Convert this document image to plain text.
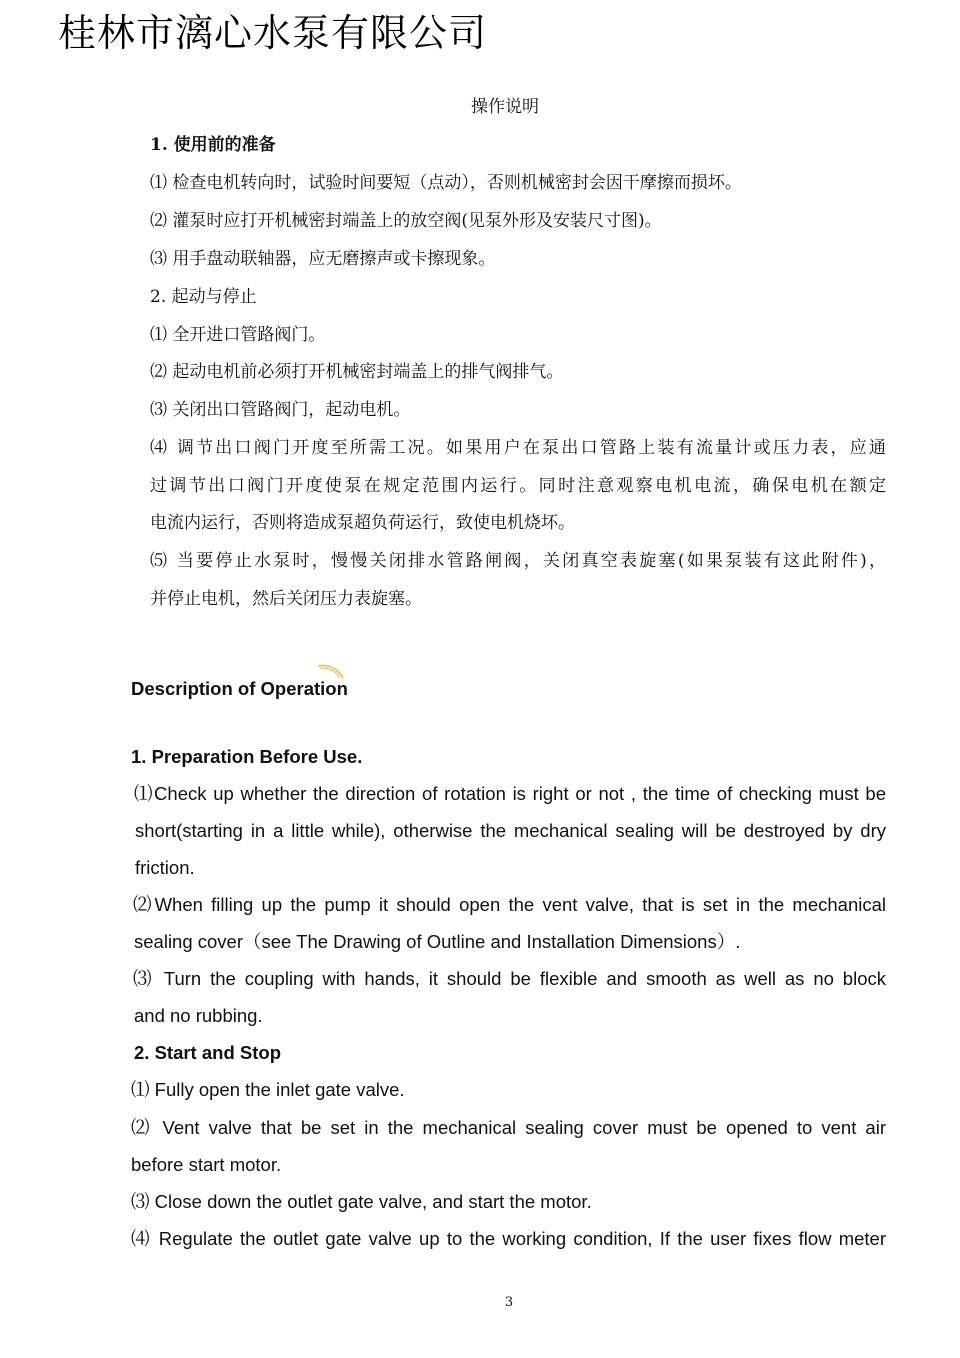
桂林市漓心水泵有限公司
操作说明
1. 使用前的准备
⑴ 检查电机转向时，试验时间要短（点动），否则机械密封会因干摩擦而损坏。
⑵ 灌泵时应打开机械密封端盖上的放空阀(见泵外形及安装尺寸图)。
⑶ 用手盘动联轴器，应无磨擦声或卡擦现象。
2. 起动与停止
⑴ 全开进口管路阀门。
⑵ 起动电机前必须打开机械密封端盖上的排气阀排气。
⑶ 关闭出口管路阀门，起动电机。
⑷ 调节出口阀门开度至所需工况。如果用户在泵出口管路上装有流量计或压力表，应通
过调节出口阀门开度使泵在规定范围内运行。同时注意观察电机电流，确保电机在额定
电流内运行，否则将造成泵超负荷运行，致使电机烧坏。
⑸ 当要停止水泵时，慢慢关闭排水管路闸阀，关闭真空表旋塞(如果泵装有这此附件)，
并停止电机，然后关闭压力表旋塞。
Description of Operation
1. Preparation Before Use.
⑴Check up whether the direction of rotation is right or not , the time of checking must be
short(starting in a little while), otherwise the mechanical sealing will be destroyed by dry
friction.
⑵When filling up the pump it should open the vent valve, that is set in the mechanical
sealing cover（see The Drawing of Outline and Installation Dimensions）.
⑶ Turn the coupling with hands, it should be flexible and smooth as well as no block
and no rubbing.
2. Start and Stop
⑴ Fully open the inlet gate valve.
⑵ Vent valve that be set in the mechanical sealing cover must be opened to vent air
before start motor.
⑶ Close down the outlet gate valve, and start the motor.
⑷ Regulate the outlet gate valve up to the working condition, If the user fixes flow meter
3
